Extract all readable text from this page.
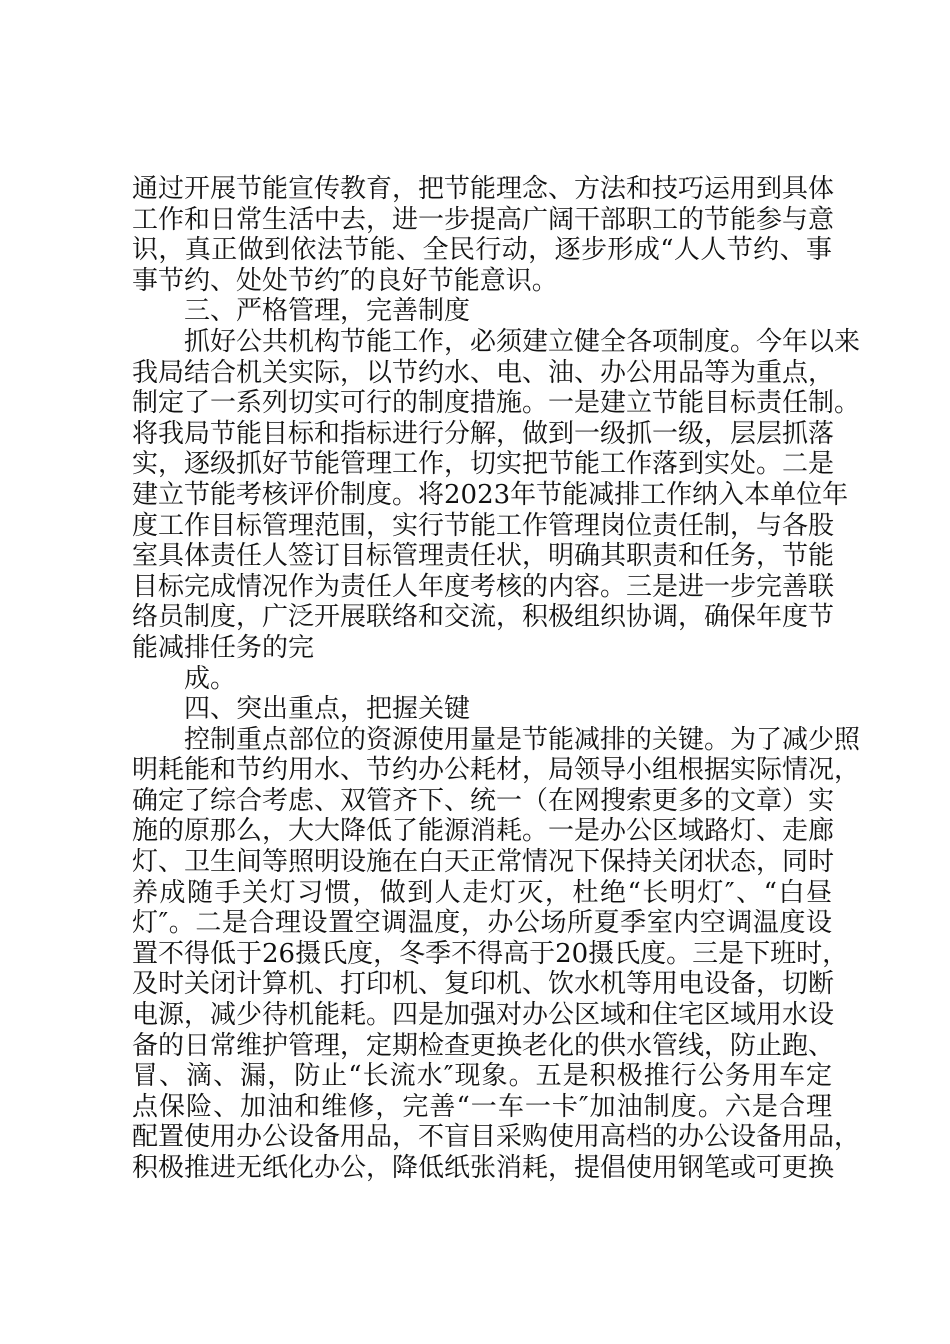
通过开展节能宣传教育，把节能理念、方法和技巧运用到具体
工作和日常生活中去，进一步提高广阔干部职工的节能参与意
识，真正做到依法节能、全民行动，逐步形成“人人节约、事
事节约、处处节约″的良好节能意识。
三、严格管理，完善制度
抓好公共机构节能工作，必须建立健全各项制度。今年以来
我局结合机关实际，以节约水、电、油、办公用品等为重点，
制定了一系列切实可行的制度措施。一是建立节能目标责任制。
将我局节能目标和指标进行分解，做到一级抓一级，层层抓落
实，逐级抓好节能管理工作，切实把节能工作落到实处。二是
建立节能考核评价制度。将2023年节能减排工作纳入本单位年
度工作目标管理范围，实行节能工作管理岗位责任制，与各股
室具体责任人签订目标管理责任状，明确其职责和任务，节能
目标完成情况作为责任人年度考核的内容。三是进一步完善联
络员制度，广泛开展联络和交流，积极组织协调，确保年度节
能减排任务的完
成。
四、突出重点，把握关键
控制重点部位的资源使用量是节能减排的关键。为了减少照
明耗能和节约用水、节约办公耗材，局领导小组根据实际情况，
确定了综合考虑、双管齐下、统一（在网搜索更多的文章）实
施的原那么，大大降低了能源消耗。一是办公区域路灯、走廊
灯、卫生间等照明设施在白天正常情况下保持关闭状态，同时
养成随手关灯习惯，做到人走灯灭，杜绝“长明灯″、“白昼
灯″。二是合理设置空调温度，办公场所夏季室内空调温度设
置不得低于26摄氏度，冬季不得高于20摄氏度。三是下班时，
及时关闭计算机、打印机、复印机、饮水机等用电设备，切断
电源，减少待机能耗。四是加强对办公区域和住宅区域用水设
备的日常维护管理，定期检查更换老化的供水管线，防止跑、
冒、滴、漏，防止“长流水″现象。五是积极推行公务用车定
点保险、加油和维修，完善“一车一卡″加油制度。六是合理
配置使用办公设备用品，不盲目采购使用高档的办公设备用品，
积极推进无纸化办公，降低纸张消耗，提倡使用钢笔或可更换
